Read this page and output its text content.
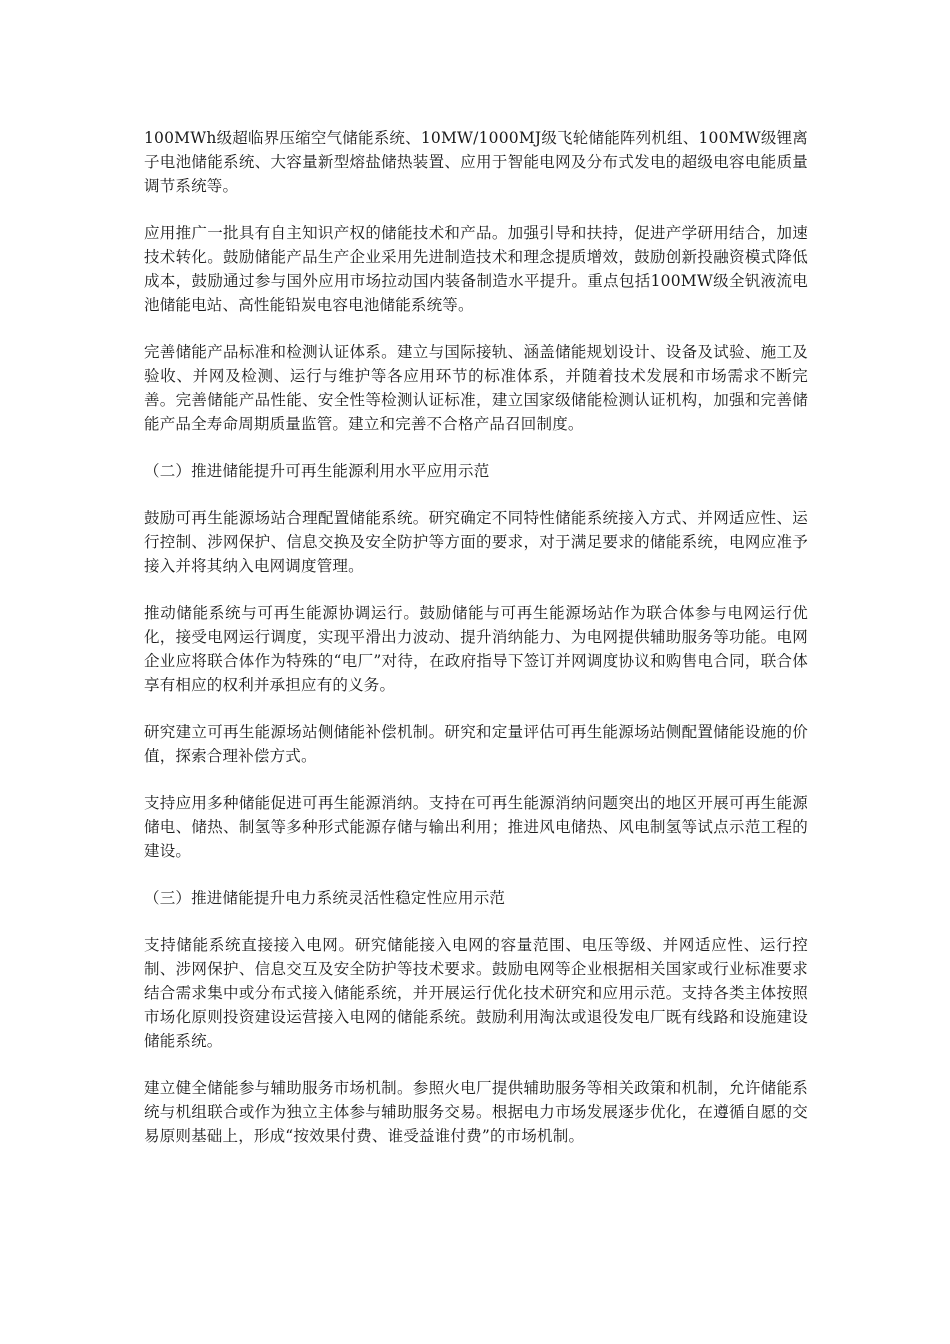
100MWh级超临界压缩空气储能系统、10MW/1000MJ级飞轮储能阵列机组、100MW级锂离子电池储能系统、大容量新型熔盐储热装置、应用于智能电网及分布式发电的超级电容电能质量调节系统等。

应用推广一批具有自主知识产权的储能技术和产品。加强引导和扶持，促进产学研用结合，加速技术转化。鼓励储能产品生产企业采用先进制造技术和理念提质增效，鼓励创新投融资模式降低成本，鼓励通过参与国外应用市场拉动国内装备制造水平提升。重点包括100MW级全钒液流电池储能电站、高性能铅炭电容电池储能系统等。

完善储能产品标准和检测认证体系。建立与国际接轨、涵盖储能规划设计、设备及试验、施工及验收、并网及检测、运行与维护等各应用环节的标准体系，并随着技术发展和市场需求不断完善。完善储能产品性能、安全性等检测认证标准，建立国家级储能检测认证机构，加强和完善储能产品全寿命周期质量监管。建立和完善不合格产品召回制度。

（二）推进储能提升可再生能源利用水平应用示范

鼓励可再生能源场站合理配置储能系统。研究确定不同特性储能系统接入方式、并网适应性、运行控制、涉网保护、信息交换及安全防护等方面的要求，对于满足要求的储能系统，电网应准予接入并将其纳入电网调度管理。

推动储能系统与可再生能源协调运行。鼓励储能与可再生能源场站作为联合体参与电网运行优化，接受电网运行调度，实现平滑出力波动、提升消纳能力、为电网提供辅助服务等功能。电网企业应将联合体作为特殊的“电厂”对待，在政府指导下签订并网调度协议和购售电合同，联合体享有相应的权利并承担应有的义务。

研究建立可再生能源场站侧储能补偿机制。研究和定量评估可再生能源场站侧配置储能设施的价值，探索合理补偿方式。

支持应用多种储能促进可再生能源消纳。支持在可再生能源消纳问题突出的地区开展可再生能源储电、储热、制氢等多种形式能源存储与输出利用；推进风电储热、风电制氢等试点示范工程的建设。

（三）推进储能提升电力系统灵活性稳定性应用示范

支持储能系统直接接入电网。研究储能接入电网的容量范围、电压等级、并网适应性、运行控制、涉网保护、信息交互及安全防护等技术要求。鼓励电网等企业根据相关国家或行业标准要求结合需求集中或分布式接入储能系统，并开展运行优化技术研究和应用示范。支持各类主体按照市场化原则投资建设运营接入电网的储能系统。鼓励利用淘汰或退役发电厂既有线路和设施建设储能系统。

建立健全储能参与辅助服务市场机制。参照火电厂提供辅助服务等相关政策和机制，允许储能系统与机组联合或作为独立主体参与辅助服务交易。根据电力市场发展逐步优化，在遵循自愿的交易原则基础上，形成“按效果付费、谁受益谁付费”的市场机制。
